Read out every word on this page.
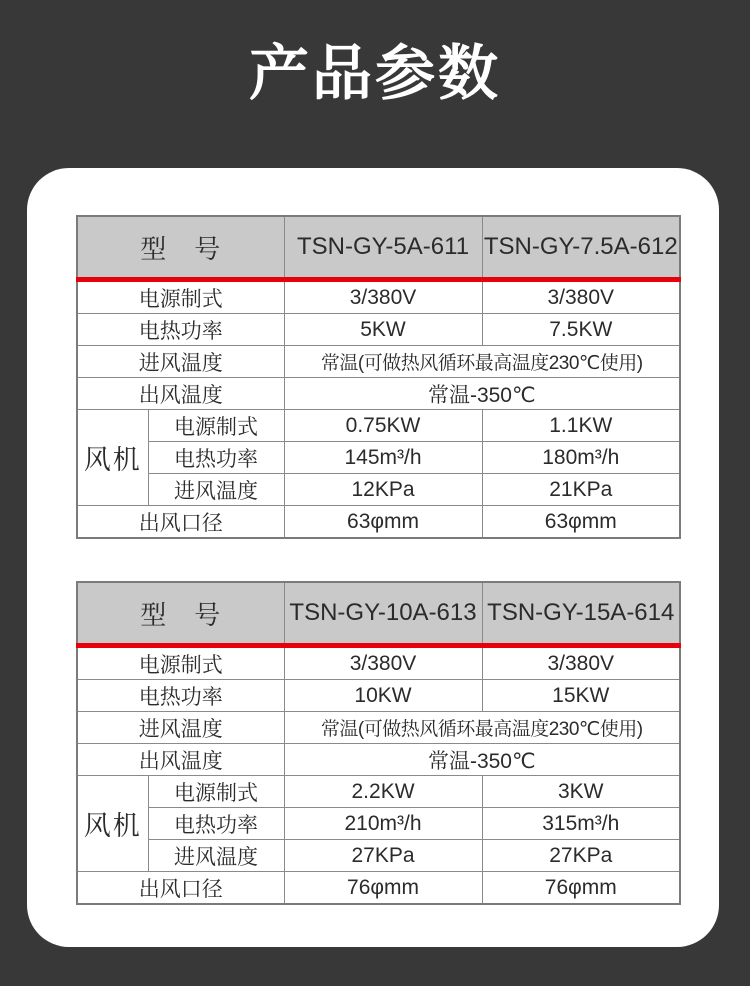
产品参数
型　号		TSN-GY-5A-611	TSN-GY-7.5A-612
电源制式		3/380V	3/380V
电热功率		5KW	7.5KW
进风温度		常温(可做热风循环最高温度230℃使用)	
出风温度		常温-350℃	
风机	电源制式	0.75KW	1.1KW
	电热功率	145m³/h	180m³/h
	进风温度	12KPa	21KPa
出风口径		63φmm	63φmm
型　号		TSN-GY-10A-613	TSN-GY-15A-614
电源制式		3/380V	3/380V
电热功率		10KW	15KW
进风温度		常温(可做热风循环最高温度230℃使用)	
出风温度		常温-350℃	
风机	电源制式	2.2KW	3KW
	电热功率	210m³/h	315m³/h
	进风温度	27KPa	27KPa
出风口径		76φmm	76φmm
